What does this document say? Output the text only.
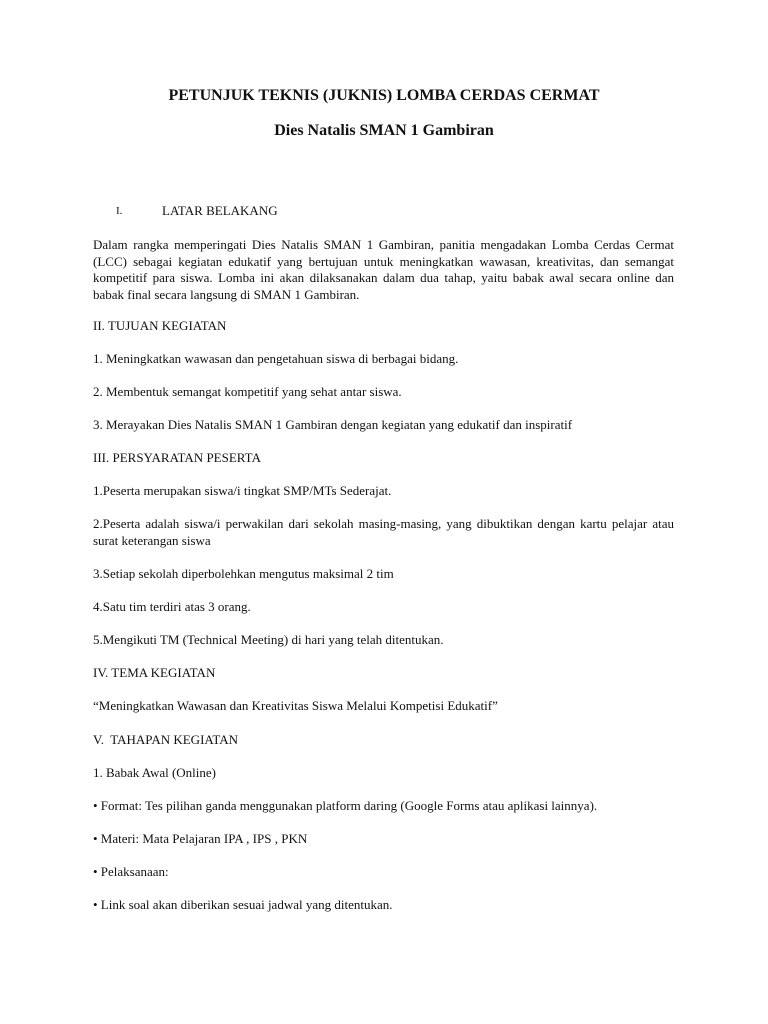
PETUNJUK TEKNIS (JUKNIS) LOMBA CERDAS CERMAT
Dies Natalis SMAN 1 Gambiran
I.	LATAR BELAKANG

Dalam rangka memperingati Dies Natalis SMAN 1 Gambiran, panitia mengadakan Lomba Cerdas Cermat (LCC) sebagai kegiatan edukatif yang bertujuan untuk meningkatkan wawasan, kreativitas, dan semangat kompetitif para siswa. Lomba ini akan dilaksanakan dalam dua tahap, yaitu babak awal secara online dan babak final secara langsung di SMAN 1 Gambiran.

II. TUJUAN KEGIATAN

1. Meningkatkan wawasan dan pengetahuan siswa di berbagai bidang.

2. Membentuk semangat kompetitif yang sehat antar siswa.

3. Merayakan Dies Natalis SMAN 1 Gambiran dengan kegiatan yang edukatif dan inspiratif

III. PERSYARATAN PESERTA

1.Peserta merupakan siswa/i tingkat SMP/MTs Sederajat.

2.Peserta adalah siswa/i perwakilan dari sekolah masing-masing, yang dibuktikan dengan kartu pelajar atau surat keterangan siswa

3.Setiap sekolah diperbolehkan mengutus maksimal 2 tim

4.Satu tim terdiri atas 3 orang.

5.Mengikuti TM (Technical Meeting) di hari yang telah ditentukan.

IV. TEMA KEGIATAN

“Meningkatkan Wawasan dan Kreativitas Siswa Melalui Kompetisi Edukatif”

V.  TAHAPAN KEGIATAN

1. Babak Awal (Online)

• Format: Tes pilihan ganda menggunakan platform daring (Google Forms atau aplikasi lainnya).

• Materi: Mata Pelajaran IPA , IPS , PKN

• Pelaksanaan:

• Link soal akan diberikan sesuai jadwal yang ditentukan.
